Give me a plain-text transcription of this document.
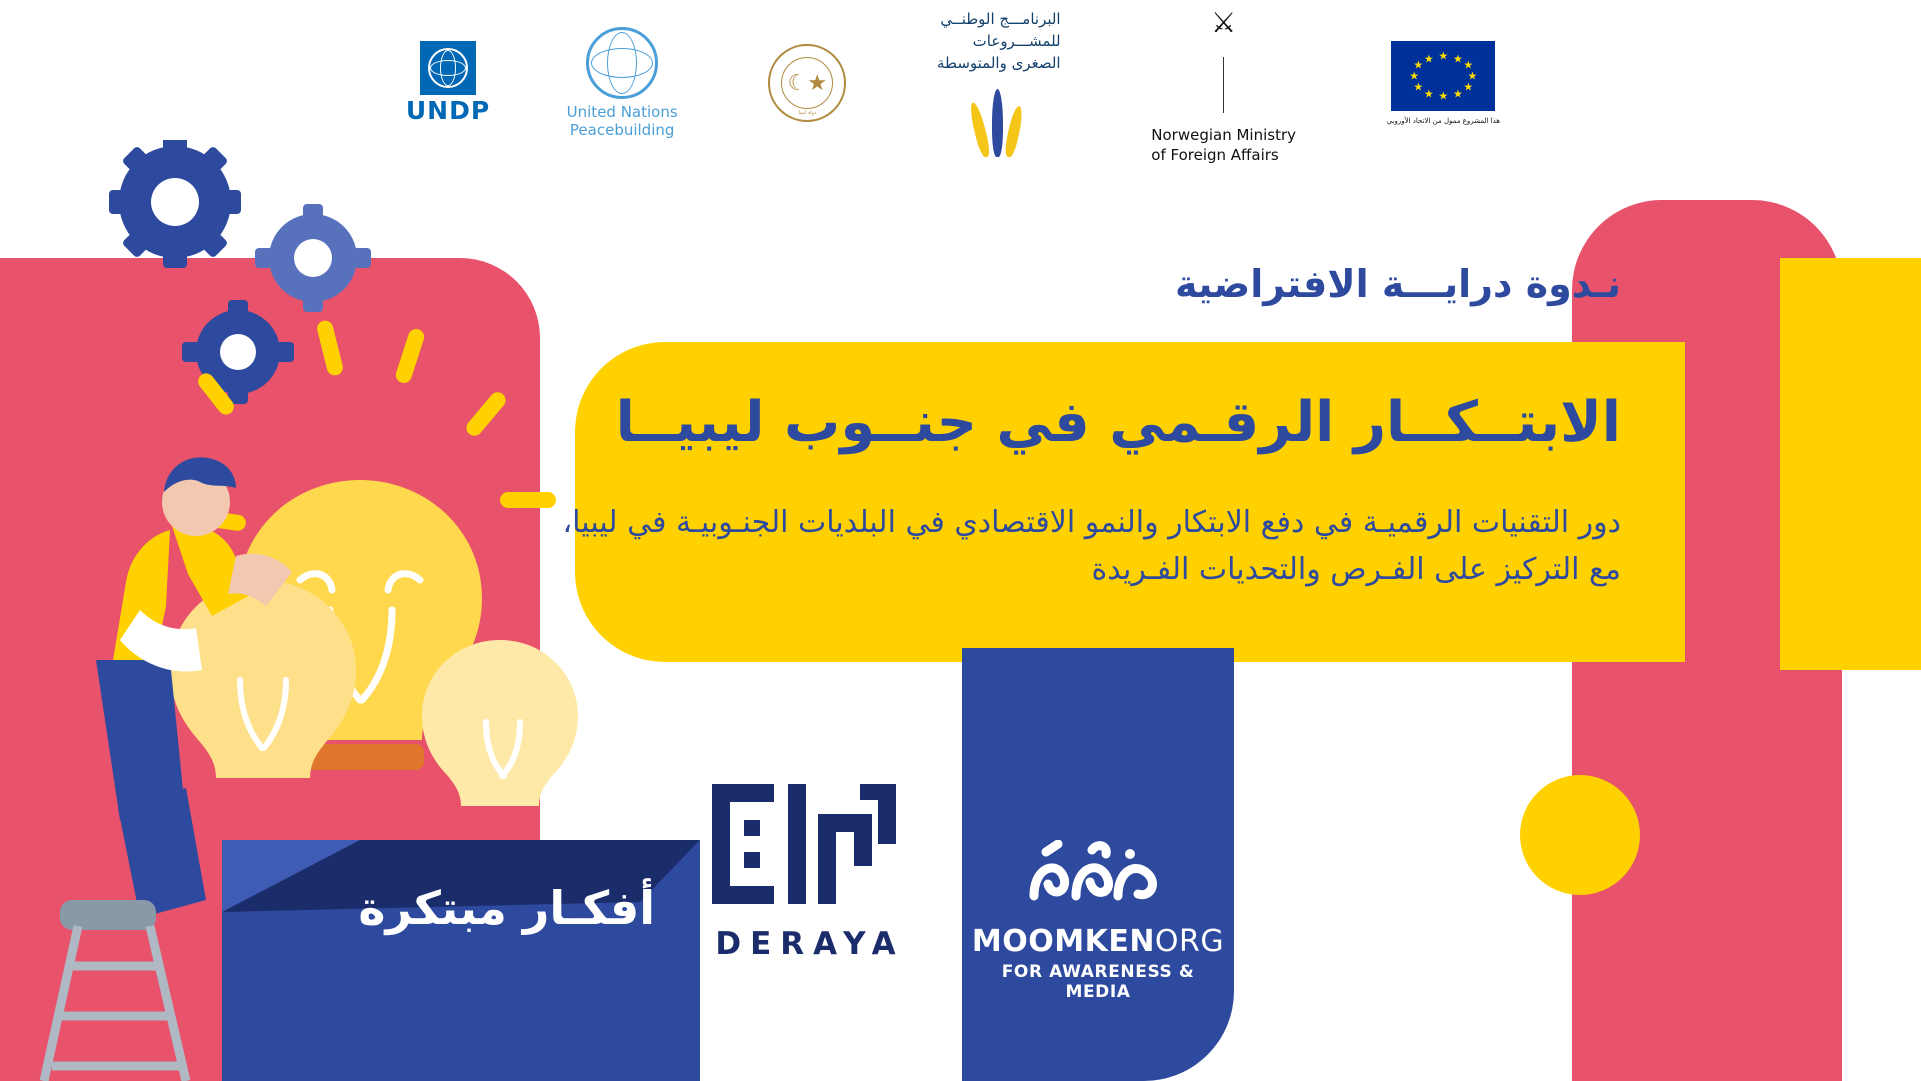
UNDP	United Nations
Peacebuilding
☾★
دولة ليبيا
البرنامـــج الوطنــي
للمشـــروعات
الصغرى والمتوسطة
⚔
Norwegian Ministry
of Foreign Affairs
★ ★ ★
★
★
★
★
★
★
★
★ ★
هذا المشروع ممول من الاتحاد الأوروبي
أفكـار مبتكرة
نـدوة درايـــة الافتراضية
الابتــكــار الرقـمي في جنــوب ليبيــا
دور التقنيات الرقميـة في دفع الابتكار والنمو الاقتصادي في البلديات الجنـوبيـة في ليبيا، مع التركيز على الفـرص والتحديات الفـريدة
DERAYA	MOOMKENORG
FOR AWARENESS & MEDIA
